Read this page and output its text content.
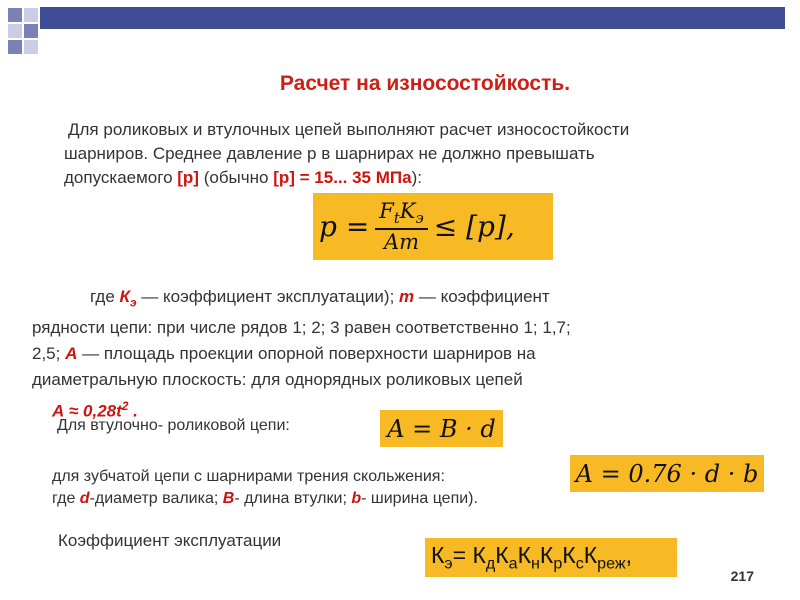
Расчет на износостойкость.
Для роликовых и втулочных цепей выполняют расчет износостойкости
шарниров. Среднее давление р в шарнирах не должно превышать
допускаемого [р] (обычно [р] = 15... 35 МПа):
$p = \frac{F_tK_э}{Am} \le [p]$,
где $К_э$ — коэффициент эксплуатации); т — коэффициент
рядности цепи: при числе рядов 1; 2; 3 равен соответственно 1; 1,7;
2,5; А — площадь проекции опорной поверхности шарниров на
диаметральную плоскость: для однорядных роликовых цепей
$А \approx 0,28t^2$ .
Для втулочно- роликовой цепи:	A = B · d
для зубчатой цепи с шарнирами трения скольжения:
где d-диаметр валика; В- длина втулки; b- ширина цепи).
A = 0.76 · d · b
Коэффициент эксплуатации
$К_э= К_дК_аК_нК_рК_сК_{реж}$,
217
